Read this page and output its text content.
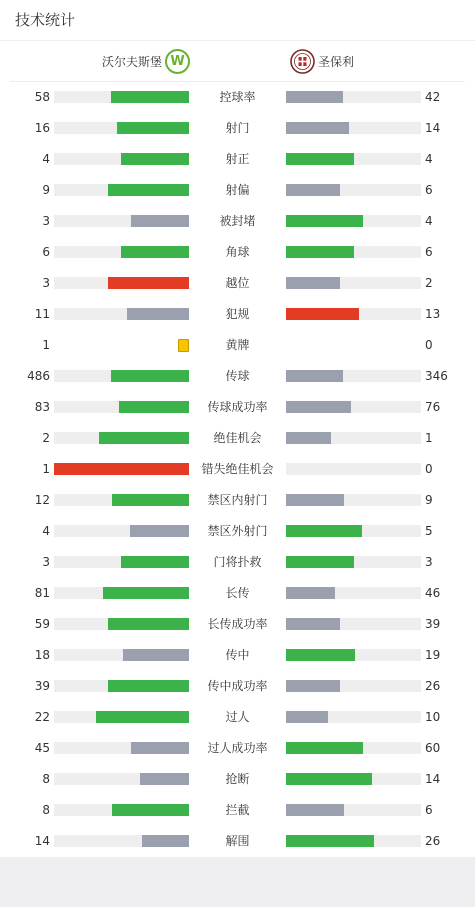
技术统计
沃尔夫斯堡 W	圣保利
58	控球率	42
16	射门	14
4	射正	4
9	射偏	6
3	被封堵	4
6	角球	6
3	越位	2
11	犯规	13
1	黄牌	0
486	传球	346
83	传球成功率	76
2	绝佳机会	1
1	错失绝佳机会	0
12	禁区内射门	9
4	禁区外射门	5
3	门将扑救	3
81	长传	46
59	长传成功率	39
18	传中	19
39	传中成功率	26
22	过人	10
45	过人成功率	60
8	抢断	14
8	拦截	6
14	解围	26
